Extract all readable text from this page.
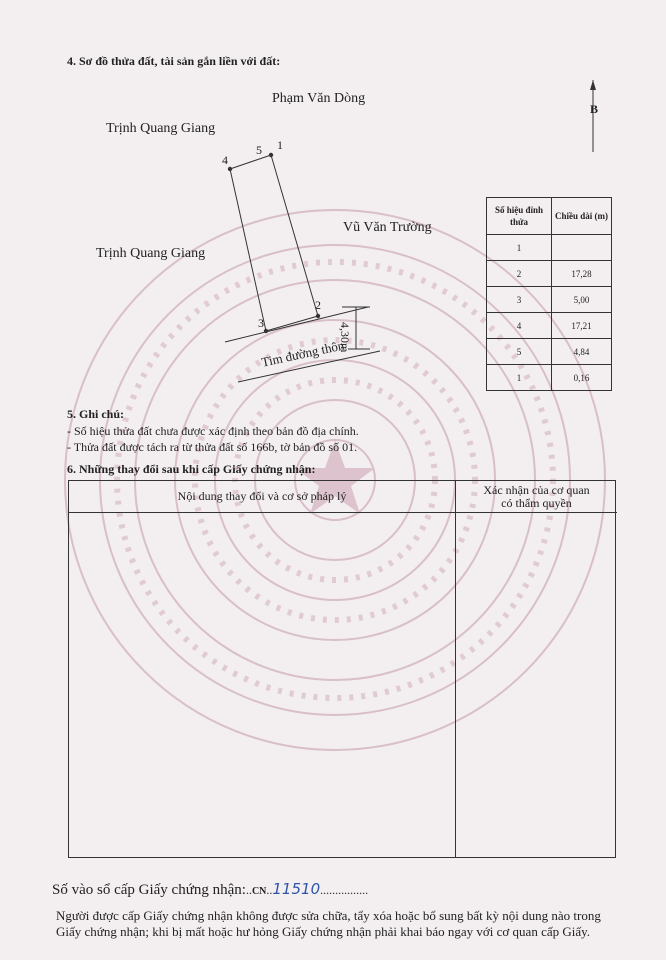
4. Sơ đồ thửa đất, tài sản gắn liền với đất:
Phạm Văn Dòng
Trịnh Quang Giang
Trịnh Quang Giang
Vũ Văn Trường
B
1
2
3
4
5
4,30m
Tim đường thôn
Số hiệu đỉnh thửa	Chiều dài (m)
1	
2	17,28
3	5,00
4	17,21
5	4,84
1	0,16
5. Ghi chú:
- Số hiệu thửa đất chưa được xác định theo bản đồ địa chính.
- Thửa đất được tách ra từ thửa đất số 166b, tờ bản đồ số 01.
6. Những thay đổi sau khi cấp Giấy chứng nhận:
Nội dung thay đổi và cơ sở pháp lý	Xác nhận của cơ quan
có thẩm quyền
Số vào sổ cấp Giấy chứng nhận:..CN..11510................
Người được cấp Giấy chứng nhận không được sửa chữa, tẩy xóa hoặc bổ sung bất kỳ nội dung nào trong Giấy chứng nhận; khi bị mất hoặc hư hỏng Giấy chứng nhận phải khai báo ngay với cơ quan cấp Giấy.
